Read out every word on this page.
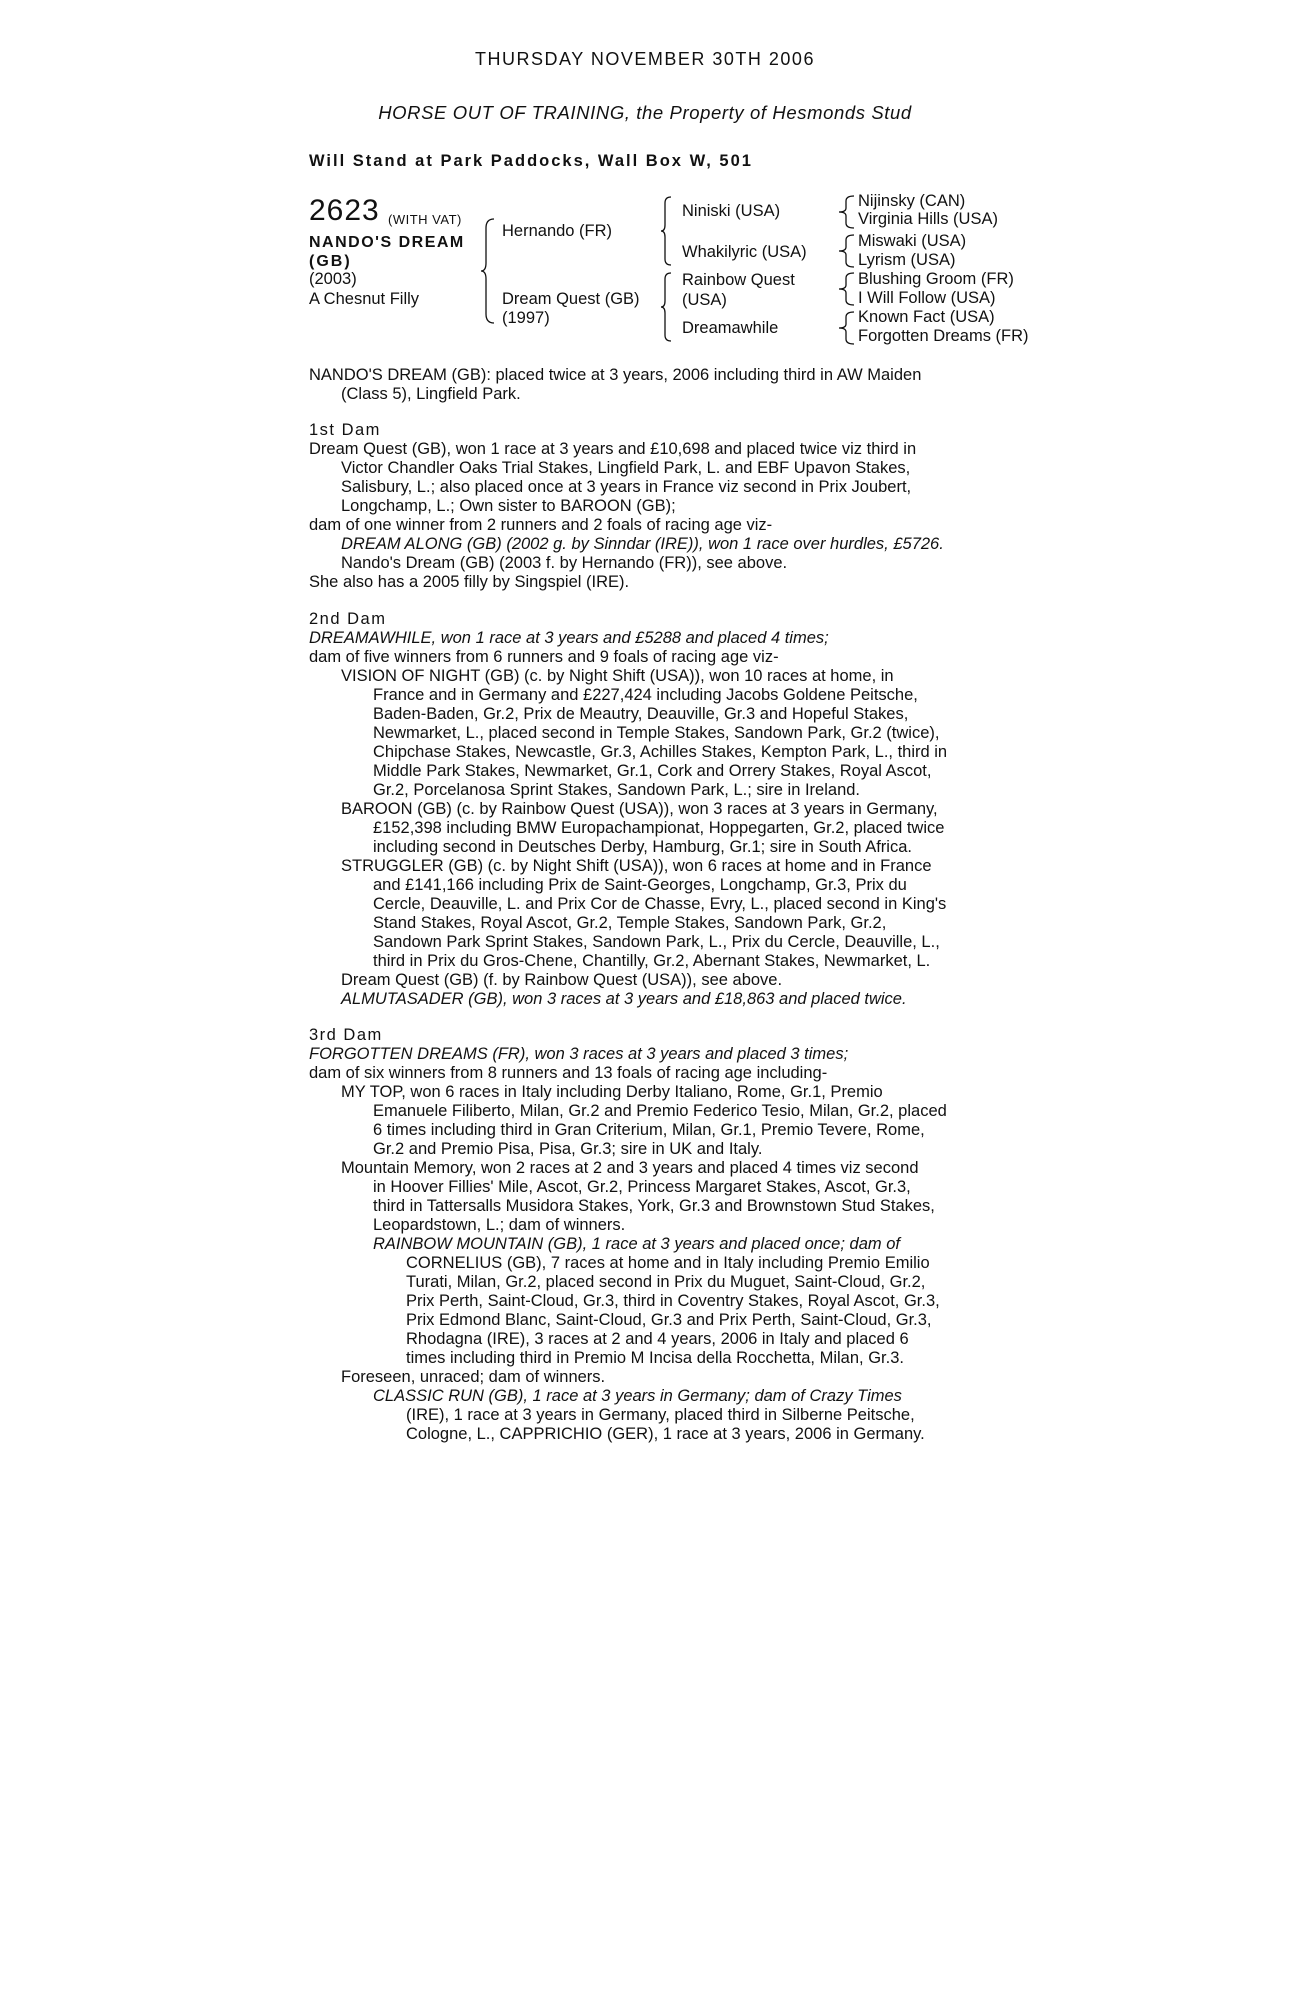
THURSDAY NOVEMBER 30TH 2006
HORSE OUT OF TRAINING, the Property of Hesmonds Stud
Will Stand at Park Paddocks, Wall Box W, 501
2623 (WITH VAT)
NANDO'S DREAM
(GB)
(2003)
A Chesnut Filly
Hernando (FR)
Dream Quest (GB)
(1997)
Niniski (USA)
Whakilyric (USA)
Rainbow Quest
(USA)
Dreamawhile
Nijinsky (CAN)
Virginia Hills (USA)
Miswaki (USA)
Lyrism (USA)
Blushing Groom (FR)
I Will Follow (USA)
Known Fact (USA)
Forgotten Dreams (FR)
NANDO'S DREAM (GB): placed twice at 3 years, 2006 including third in AW Maiden
(Class 5), Lingfield Park.
1st Dam
Dream Quest (GB), won 1 race at 3 years and £10,698 and placed twice viz third in
Victor Chandler Oaks Trial Stakes, Lingfield Park, L. and EBF Upavon Stakes,
Salisbury, L.; also placed once at 3 years in France viz second in Prix Joubert,
Longchamp, L.; Own sister to BAROON (GB);
dam of one winner from 2 runners and 2 foals of racing age viz-
DREAM ALONG (GB) (2002 g. by Sinndar (IRE)), won 1 race over hurdles, £5726.
Nando's Dream (GB) (2003 f. by Hernando (FR)), see above.
She also has a 2005 filly by Singspiel (IRE).
2nd Dam
DREAMAWHILE, won 1 race at 3 years and £5288 and placed 4 times;
dam of five winners from 6 runners and 9 foals of racing age viz-
VISION OF NIGHT (GB) (c. by Night Shift (USA)), won 10 races at home, in
France and in Germany and £227,424 including Jacobs Goldene Peitsche,
Baden-Baden, Gr.2, Prix de Meautry, Deauville, Gr.3 and Hopeful Stakes,
Newmarket, L., placed second in Temple Stakes, Sandown Park, Gr.2 (twice),
Chipchase Stakes, Newcastle, Gr.3, Achilles Stakes, Kempton Park, L., third in
Middle Park Stakes, Newmarket, Gr.1, Cork and Orrery Stakes, Royal Ascot,
Gr.2, Porcelanosa Sprint Stakes, Sandown Park, L.; sire in Ireland.
BAROON (GB) (c. by Rainbow Quest (USA)), won 3 races at 3 years in Germany,
£152,398 including BMW Europachampionat, Hoppegarten, Gr.2, placed twice
including second in Deutsches Derby, Hamburg, Gr.1; sire in South Africa.
STRUGGLER (GB) (c. by Night Shift (USA)), won 6 races at home and in France
and £141,166 including Prix de Saint-Georges, Longchamp, Gr.3, Prix du
Cercle, Deauville, L. and Prix Cor de Chasse, Evry, L., placed second in King's
Stand Stakes, Royal Ascot, Gr.2, Temple Stakes, Sandown Park, Gr.2,
Sandown Park Sprint Stakes, Sandown Park, L., Prix du Cercle, Deauville, L.,
third in Prix du Gros-Chene, Chantilly, Gr.2, Abernant Stakes, Newmarket, L.
Dream Quest (GB) (f. by Rainbow Quest (USA)), see above.
ALMUTASADER (GB), won 3 races at 3 years and £18,863 and placed twice.
3rd Dam
FORGOTTEN DREAMS (FR), won 3 races at 3 years and placed 3 times;
dam of six winners from 8 runners and 13 foals of racing age including-
MY TOP, won 6 races in Italy including Derby Italiano, Rome, Gr.1, Premio
Emanuele Filiberto, Milan, Gr.2 and Premio Federico Tesio, Milan, Gr.2, placed
6 times including third in Gran Criterium, Milan, Gr.1, Premio Tevere, Rome,
Gr.2 and Premio Pisa, Pisa, Gr.3; sire in UK and Italy.
Mountain Memory, won 2 races at 2 and 3 years and placed 4 times viz second
in Hoover Fillies' Mile, Ascot, Gr.2, Princess Margaret Stakes, Ascot, Gr.3,
third in Tattersalls Musidora Stakes, York, Gr.3 and Brownstown Stud Stakes,
Leopardstown, L.; dam of winners.
RAINBOW MOUNTAIN (GB), 1 race at 3 years and placed once; dam of
CORNELIUS (GB), 7 races at home and in Italy including Premio Emilio
Turati, Milan, Gr.2, placed second in Prix du Muguet, Saint-Cloud, Gr.2,
Prix Perth, Saint-Cloud, Gr.3, third in Coventry Stakes, Royal Ascot, Gr.3,
Prix Edmond Blanc, Saint-Cloud, Gr.3 and Prix Perth, Saint-Cloud, Gr.3,
Rhodagna (IRE), 3 races at 2 and 4 years, 2006 in Italy and placed 6
times including third in Premio M Incisa della Rocchetta, Milan, Gr.3.
Foreseen, unraced; dam of winners.
CLASSIC RUN (GB), 1 race at 3 years in Germany; dam of Crazy Times
(IRE), 1 race at 3 years in Germany, placed third in Silberne Peitsche,
Cologne, L., CAPPRICHIO (GER), 1 race at 3 years, 2006 in Germany.
